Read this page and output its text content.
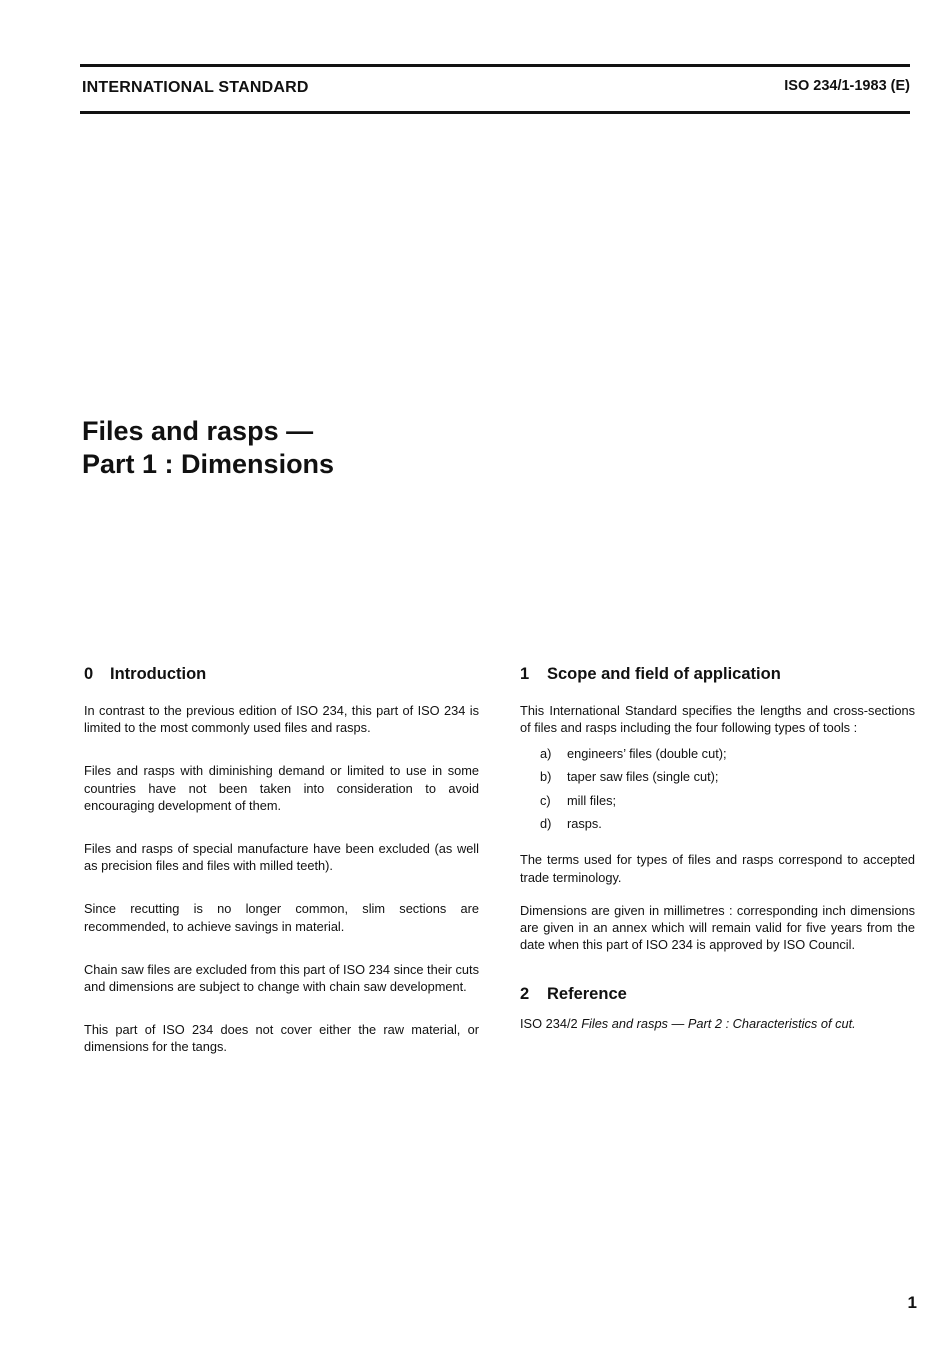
INTERNATIONAL STANDARD	ISO 234/1-1983 (E)
Files and rasps —
Part 1 : Dimensions
0 Introduction

In contrast to the previous edition of ISO 234, this part of ISO 234 is limited to the most commonly used files and rasps.

Files and rasps with diminishing demand or limited to use in some countries have not been taken into consideration to avoid encouraging development of them.

Files and rasps of special manufacture have been excluded (as well as precision files and files with milled teeth).

Since recutting is no longer common, slim sections are recommended, to achieve savings in material.

Chain saw files are excluded from this part of ISO 234 since their cuts and dimensions are subject to change with chain saw development.

This part of ISO 234 does not cover either the raw material, or dimensions for the tangs.

1 Scope and field of application

This International Standard specifies the lengths and cross-sections of files and rasps including the four following types of tools :

a)	engineers’ files (double cut);
b)	taper saw files (single cut);
c)	mill files;
d)	rasps.

The terms used for types of files and rasps correspond to accepted trade terminology.

Dimensions are given in millimetres : corresponding inch dimensions are given in an annex which will remain valid for five years from the date when this part of ISO 234 is approved by ISO Council.

2 Reference

ISO 234/2 Files and rasps — Part 2 : Characteristics of cut.

1
